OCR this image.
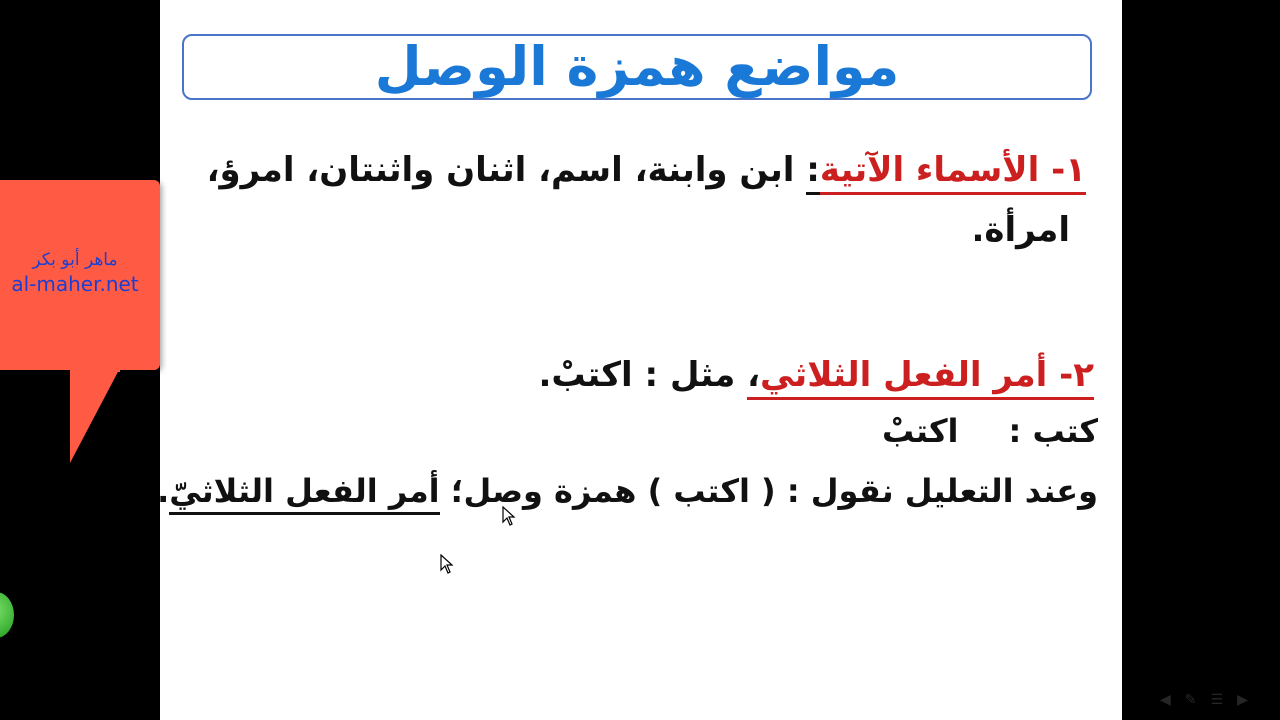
مواضع همزة الوصل
١- الأسماء الآتية: ابن وابنة، اسم، اثنان واثنتان، امرؤ،
امرأة.
٢- أمر الفعل الثلاثي، مثل : اكتبْ.
كتب :اكتبْ
وعند التعليل نقول : ( اكتب ) همزة وصل؛ أمر الفعل الثلاثيّ.
◀ ✎ ☰ ▶
ماهر أبو بكر
al-maher.net
